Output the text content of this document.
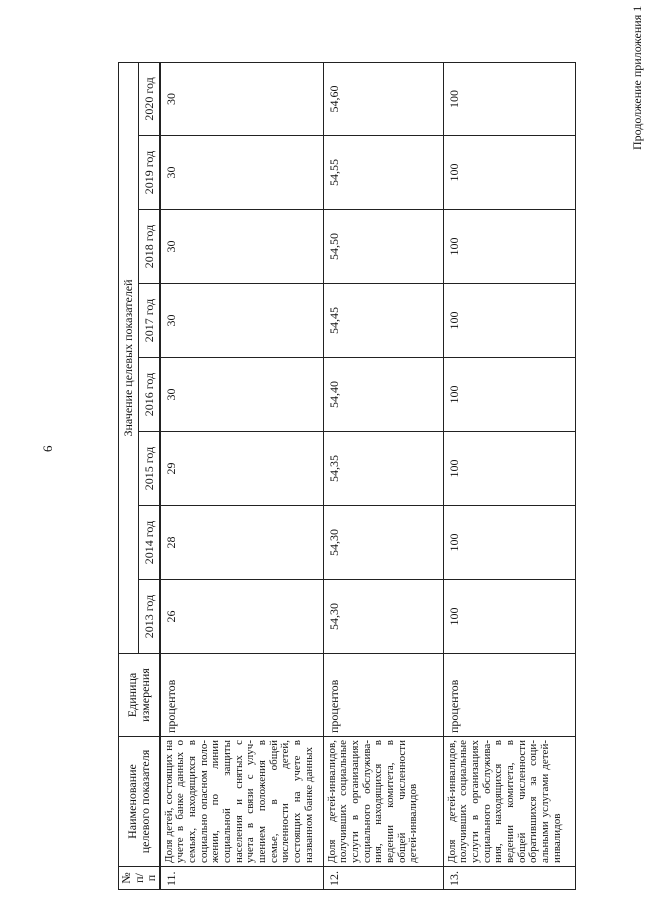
6
Продолжение приложения 1
№ п/п	Наименование целевого показателя	Единица измерения	Значение целевых показателей							
			2013 год	2014 год	2015 год	2016 год	2017 год	2018 год	2019 год	2020 год

11.	Доля детей, состоящих на учете в банке данных о семьях, находящихся в социально опасном положении, по линии социальной защиты населения и снятых с учета в связи с улучшением положения в семье, в общей численности детей, состоящих на учете в названном банке данных	процентов	26	28	29	30	30	30	30	30
12.	Доля детей-инвалидов, получивших социальные услуги в организациях социального обслуживания, находящихся в ведении комитета, в общей численности детей-инвалидов	процентов	54,30	54,30	54,35	54,40	54,45	54,50	54,55	54,60
13.	Доля детей-инвалидов, получивших социальные услуги в организациях социального обслуживания, находящихся в ведении комитета, в общей численности обратившихся за социальными услугами детей-инвалидов	процентов	100	100	100	100	100	100	100	100
